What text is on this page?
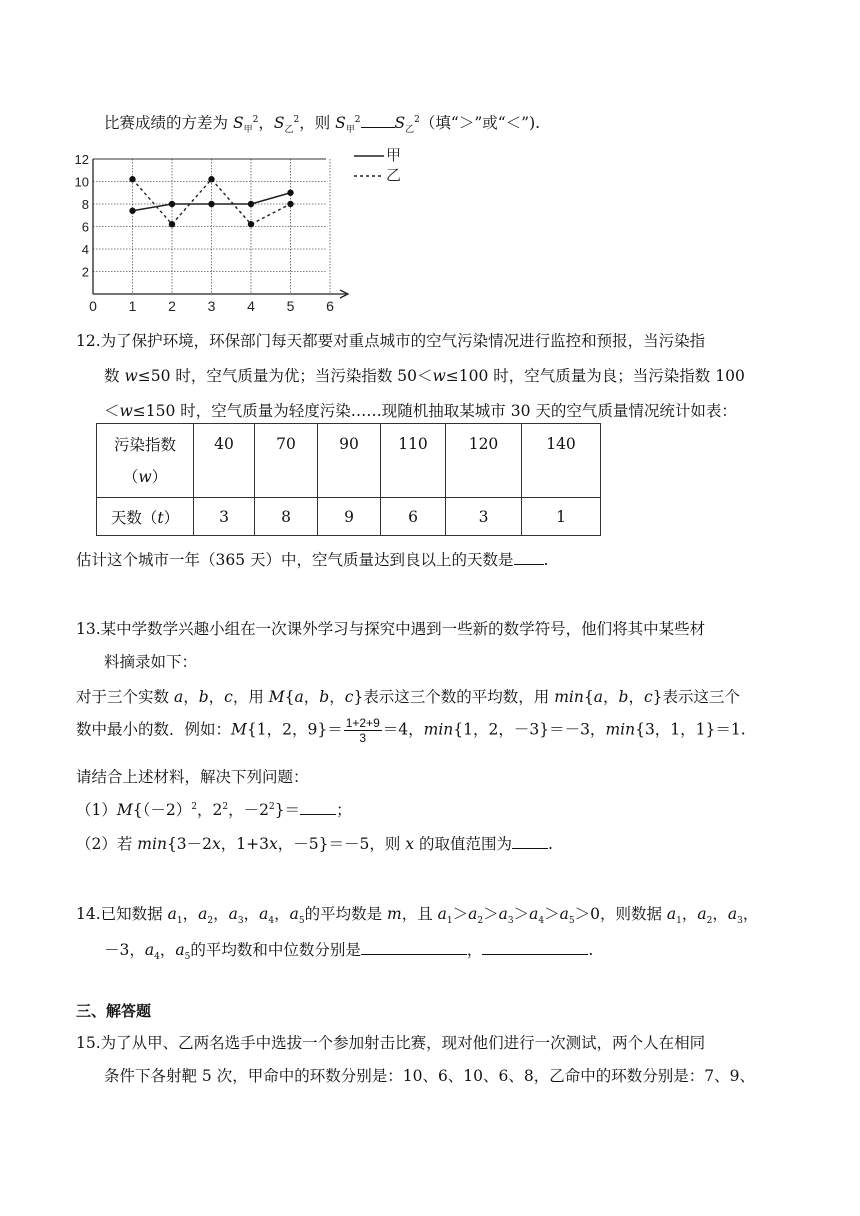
比赛成绩的方差为 $S_甲^2$，$S_乙^2$，则 $S_甲^2$ $S_乙^2$（填“＞”或“＜”).
0 1 2 3 4 5 6
2
4
6
8
10
12	甲
乙
12.为了保护环境，环保部门每天都要对重点城市的空气污染情况进行监控和预报，当污染指
数 w≤50 时，空气质量为优；当污染指数 50＜w≤100 时，空气质量为良；当污染指数 100
＜w≤150 时，空气质量为轻度污染……现随机抽取某城市 30 天的空气质量情况统计如表：
污染指数
（w）	40	70	90	110	120	140
天数（t）	3	8	9	6	3	1
估计这个城市一年（365 天）中，空气质量达到良以上的天数是 .
13.某中学数学兴趣小组在一次课外学习与探究中遇到一些新的数学符号，他们将其中某些材
料摘录如下：
对于三个实数 a，b，c，用 M{a，b，c}表示这三个数的平均数，用 min{a，b，c}表示这三个
数中最小的数．例如：M{1，2，$9\}= \frac{1+2+9}{3} =4$，min{1，2，－3}＝－3，min{3，1，1}＝1.
请结合上述材料，解决下列问题：
$(1)M\{(-2)^2$，$2^2$，$-2^2\}=$ ；
（2）若 min{3－2x，1+3x，－5}＝－5，则 x 的取值范围为 .
14.已知数据 $a_1$，$a_2$，$a_3$，$a_4$，$a_5$的平均数是 m，且 $a_1>a_2>a_3>a_4>a_5>0$，则数据 $a_1$，$a_2$，$a_3$，
－3，$a_4$，$a_5$的平均数和中位数分别是	，	.
三、解答题
15.为了从甲、乙两名选手中选拔一个参加射击比赛，现对他们进行一次测试，两个人在相同
条件下各射靶 5 次，甲命中的环数分别是：10、6、10、6、8，乙命中的环数分别是：7、9、
